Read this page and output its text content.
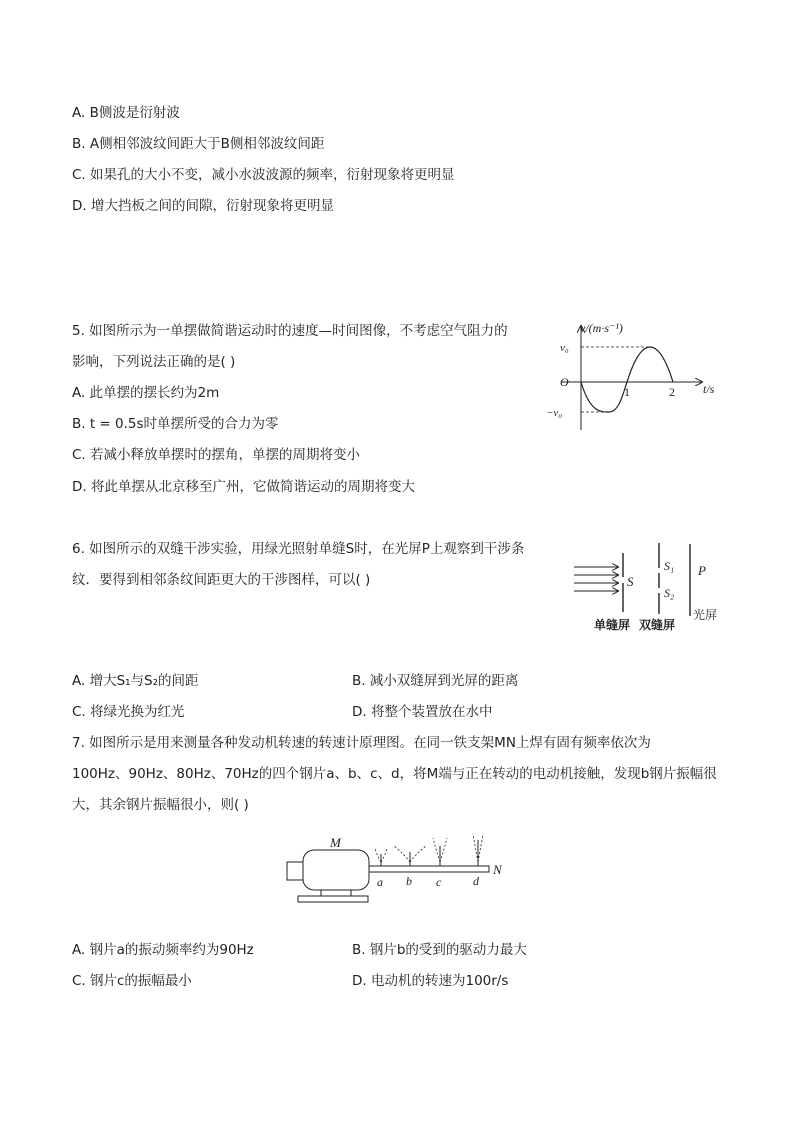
A. B侧波是衍射波
B. A侧相邻波纹间距大于B侧相邻波纹间距
C. 如果孔的大小不变，减小水波波源的频率，衍射现象将更明显
D. 增大挡板之间的间隙，衍射现象将更明显
5. 如图所示为一单摆做简谐运动时的速度—时间图像，不考虑空气阻力的
影响，下列说法正确的是( )
A. 此单摆的摆长约为2m
B. t = 0.5s时单摆所受的合力为零
C. 若减小释放单摆时的摆角，单摆的周期将变小
D. 将此单摆从北京移至广州，它做简谐运动的周期将变大
v/(m·s⁻¹)
v₀
O
−v₀
1	2 t/s
6. 如图所示的双缝干涉实验，用绿光照射单缝S时，在光屏P上观察到干涉条
纹．要得到相邻条纹间距更大的干涉图样，可以( )	S
S₁
S₂
P
单缝屏 双缝屏
光屏
A. 增大S₁与S₂的间距	B. 减小双缝屏到光屏的距离
C. 将绿光换为红光	D. 将整个装置放在水中
7. 如图所示是用来测量各种发动机转速的转速计原理图。在同一铁支架MN上焊有固有频率依次为
100Hz、90Hz、80Hz、70Hz的四个钢片a、b、c、d，将M端与正在转动的电动机接触，发现b钢片振幅很
大，其余钢片振幅很小，则( )
M
N
a b c	d
A. 钢片a的振动频率约为90Hz	B. 钢片b的受到的驱动力最大
C. 钢片c的振幅最小	D. 电动机的转速为100r/s
